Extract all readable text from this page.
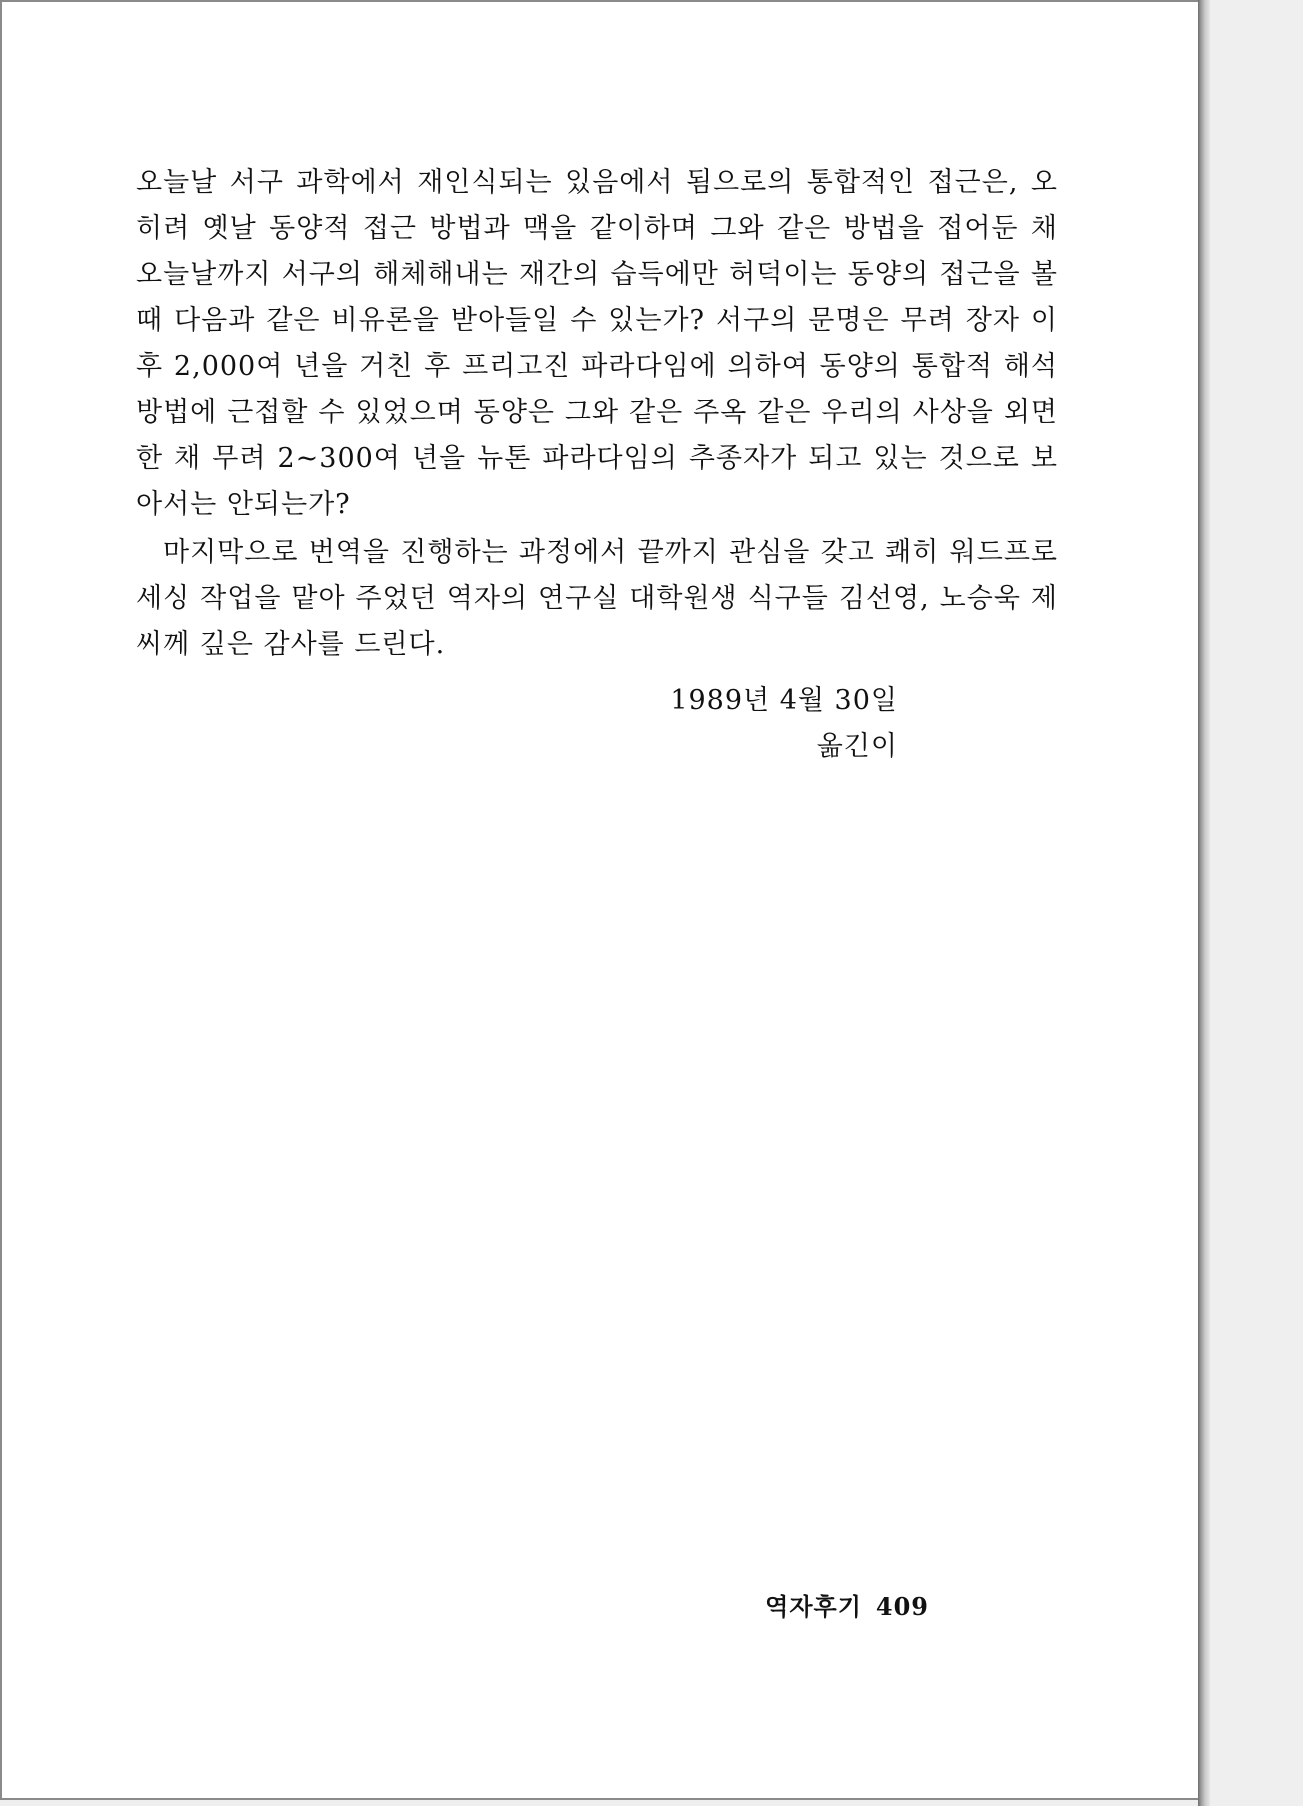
오늘날 서구 과학에서 재인식되는 있음에서 됨으로의 통합적인 접근은, 오히려 옛날 동양적 접근 방법과 맥을 같이하며 그와 같은 방법을 접어둔 채 오늘날까지 서구의 해체해내는 재간의 습득에만 허덕이는 동양의 접근을 볼 때 다음과 같은 비유론을 받아들일 수 있는가? 서구의 문명은 무려 장자 이후 2,000여 년을 거친 후 프리고진 파라다임에 의하여 동양의 통합적 해석 방법에 근접할 수 있었으며 동양은 그와 같은 주옥 같은 우리의 사상을 외면한 채 무려 2~300여 년을 뉴톤 파라다임의 추종자가 되고 있는 것으로 보아서는 안되는가?

마지막으로 번역을 진행하는 과정에서 끝까지 관심을 갖고 쾌히 워드프로세싱 작업을 맡아 주었던 역자의 연구실 대학원생 식구들 김선영, 노승욱 제씨께 깊은 감사를 드린다.

1989년 4월 30일
옮긴이
역자후기 409
